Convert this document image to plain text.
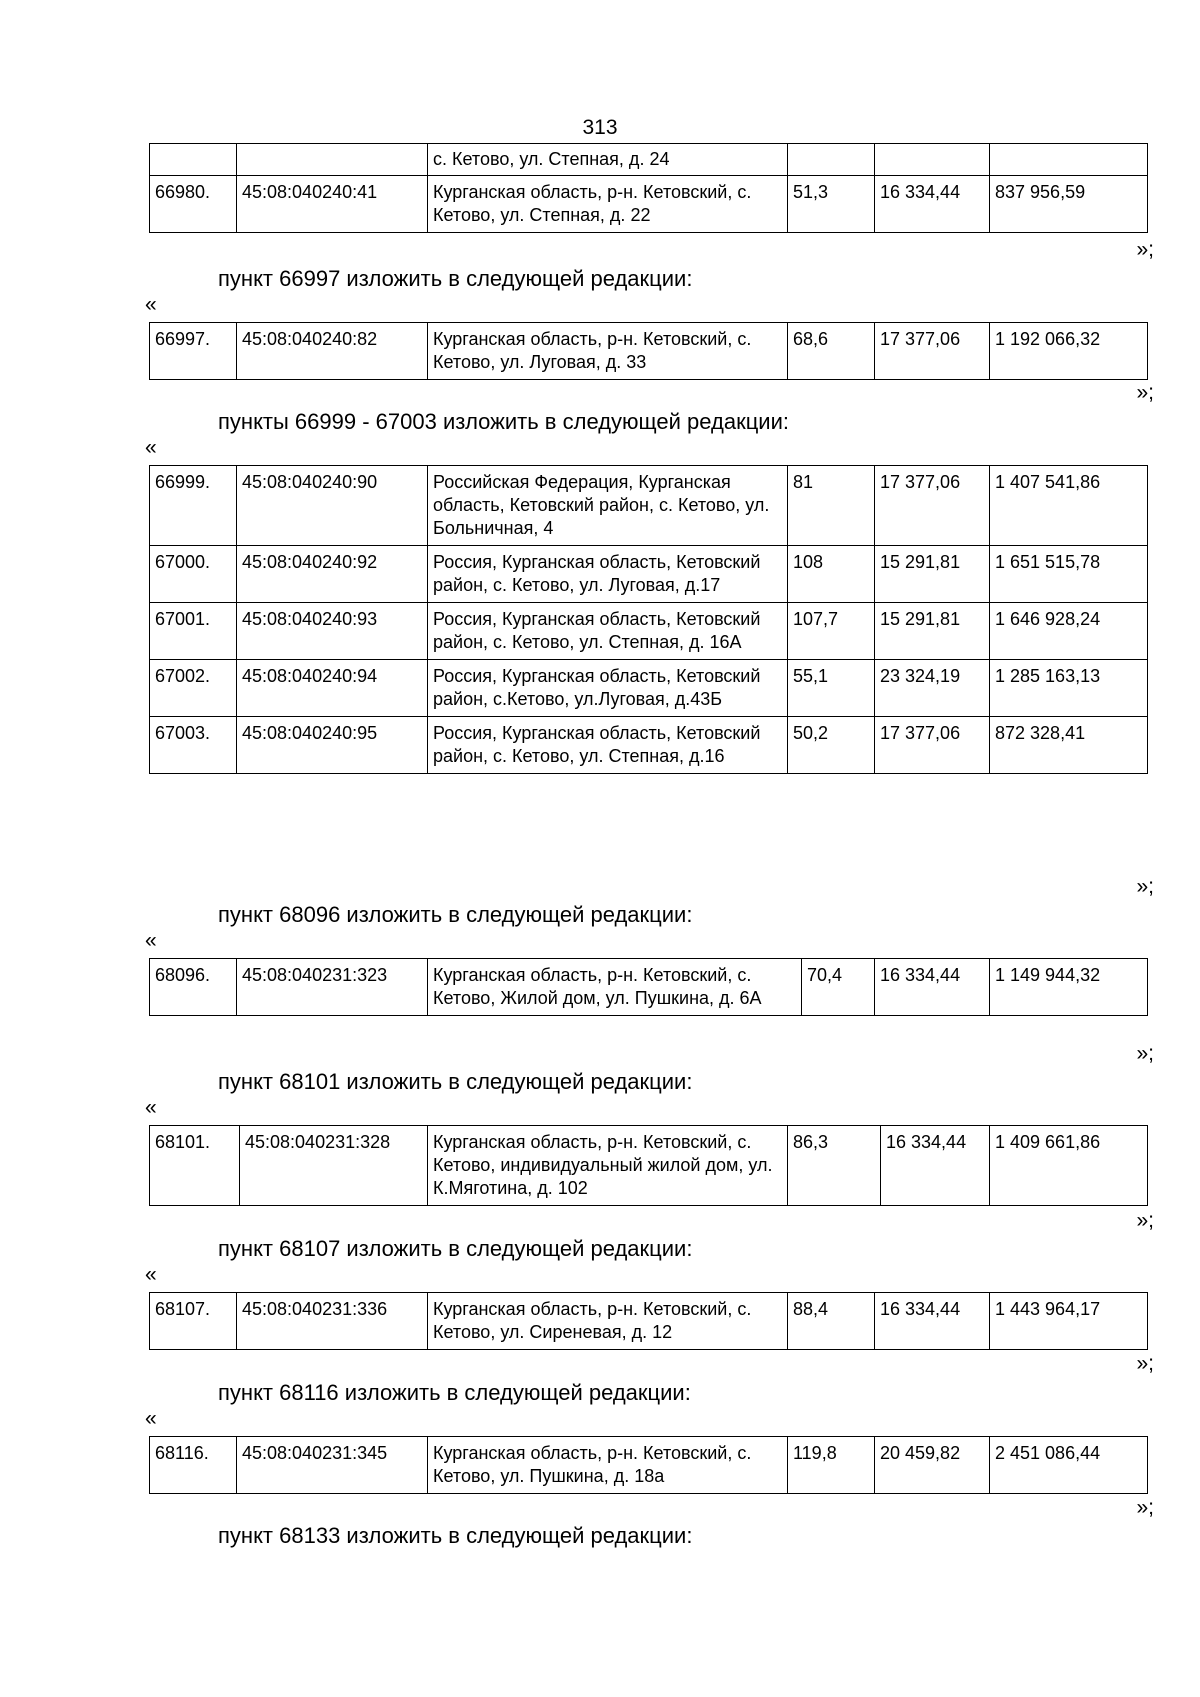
313
		с. Кетово, ул. Степная, д. 24			
66980.	45:08:040240:41	Курганская область, р-н. Кетовский, с. Кетово, ул. Степная, д. 22	51,3	16 334,44	837 956,59
»;
пункт 66997 изложить в следующей редакции:
«
66997.	45:08:040240:82	Курганская область, р-н. Кетовский, с. Кетово, ул. Луговая, д. 33	68,6	17 377,06	1 192 066,32
»;
пункты 66999 - 67003 изложить в следующей редакции:
«
66999.	45:08:040240:90	Российская Федерация, Курганская область, Кетовский район, с. Кетово, ул. Больничная, 4	81	17 377,06	1 407 541,86
67000.	45:08:040240:92	Россия, Курганская область, Кетовский район, с. Кетово, ул. Луговая, д.17	108	15 291,81	1 651 515,78
67001.	45:08:040240:93	Россия, Курганская область, Кетовский район, с. Кетово, ул. Степная, д. 16А	107,7	15 291,81	1 646 928,24
67002.	45:08:040240:94	Россия, Курганская область, Кетовский район, с.Кетово, ул.Луговая, д.43Б	55,1	23 324,19	1 285 163,13
67003.	45:08:040240:95	Россия, Курганская область, Кетовский район, с. Кетово, ул. Степная, д.16	50,2	17 377,06	872 328,41
»;
пункт 68096 изложить в следующей редакции:
«
68096.	45:08:040231:323	Курганская область, р-н. Кетовский, с. Кетово, Жилой дом, ул. Пушкина, д. 6А	70,4	16 334,44	1 149 944,32
»;
пункт 68101 изложить в следующей редакции:
«
68101.	45:08:040231:328	Курганская область, р-н. Кетовский, с. Кетово, индивидуальный жилой дом, ул. К.Мяготина, д. 102	86,3	16 334,44	1 409 661,86
»;
пункт 68107 изложить в следующей редакции:
«
68107.	45:08:040231:336	Курганская область, р-н. Кетовский, с. Кетово, ул. Сиреневая, д. 12	88,4	16 334,44	1 443 964,17
»;
пункт 68116 изложить в следующей редакции:
«
68116.	45:08:040231:345	Курганская область, р-н. Кетовский, с. Кетово, ул. Пушкина, д. 18а	119,8	20 459,82	2 451 086,44
»;
пункт 68133 изложить в следующей редакции:
